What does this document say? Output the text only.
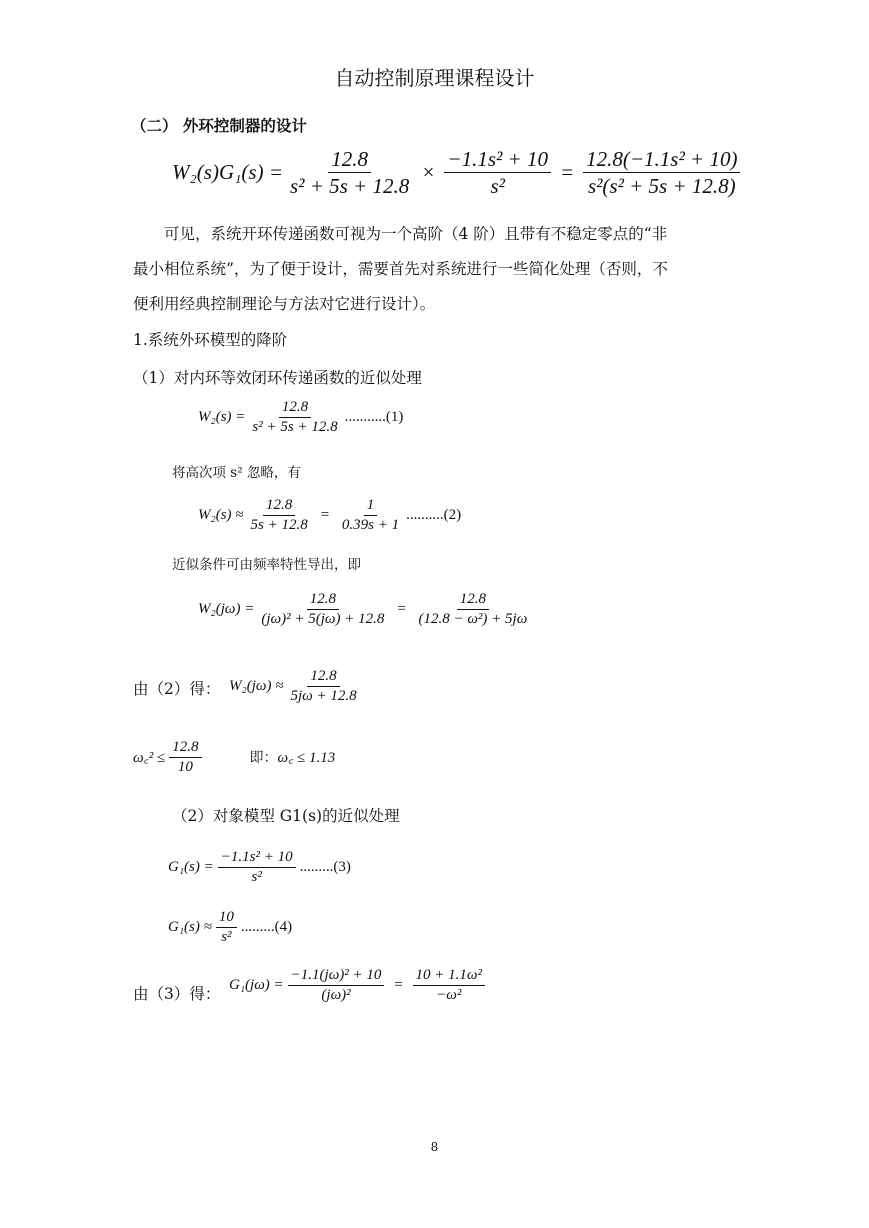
自动控制原理课程设计
（二） 外环控制器的设计
$W_2(s)G_1(s) = \frac{12.8}{\text{s² + 5s + 12.8}} \times \frac{\text{−1.1s² + 10}}{\text{s²}} = \frac{\text{12.8(−1.1s² + 10)}}{\text{s²(s² + 5s + 12.8)}}$
可见，系统开环传递函数可视为一个高阶（4 阶）且带有不稳定零点的“非
最小相位系统”，为了便于设计，需要首先对系统进行一些简化处理（否则，不
便利用经典控制理论与方法对它进行设计）。
1.系统外环模型的降阶
（1）对内环等效闭环传递函数的近似处理
$W_2(s) = \frac{12.8}{\text{s² + 5s + 12.8}} ...........(1)$
将高次项 s² 忽略，有
$W_2(s) \approx \frac{12.8}{5s + 12.8} = \frac{1}{0.39s + 1} ..........(2)$
近似条件可由频率特性导出，即
$W_2(j\omega) = \frac{12.8}{\text{(jω)² + 5(jω) + 12.8}} = \frac{12.8}{\text{(12.8 − ω²) + 5jω}}$
由（2）得： $W_2(j\omega) \approx \frac{12.8}{5j\omega + 12.8}$
ω꜀² ≤ $\frac{12.8}{10}$	即： ω꜀ ≤ 1.13
（2）对象模型 G1(s)的近似处理
$G_1(s) = \frac{\text{−1.1s² + 10}}{\text{s²}} .........(3)$
$G_1(s) \approx \frac{10}{\text{s²}} .........(4)$
由（3）得：
$G_1(j\omega) = \frac{\text{−1.1(jω)² + 10}}{\text{(jω)²}} = \frac{\text{10 + 1.1ω²}}{\text{−ω²}}$
8
